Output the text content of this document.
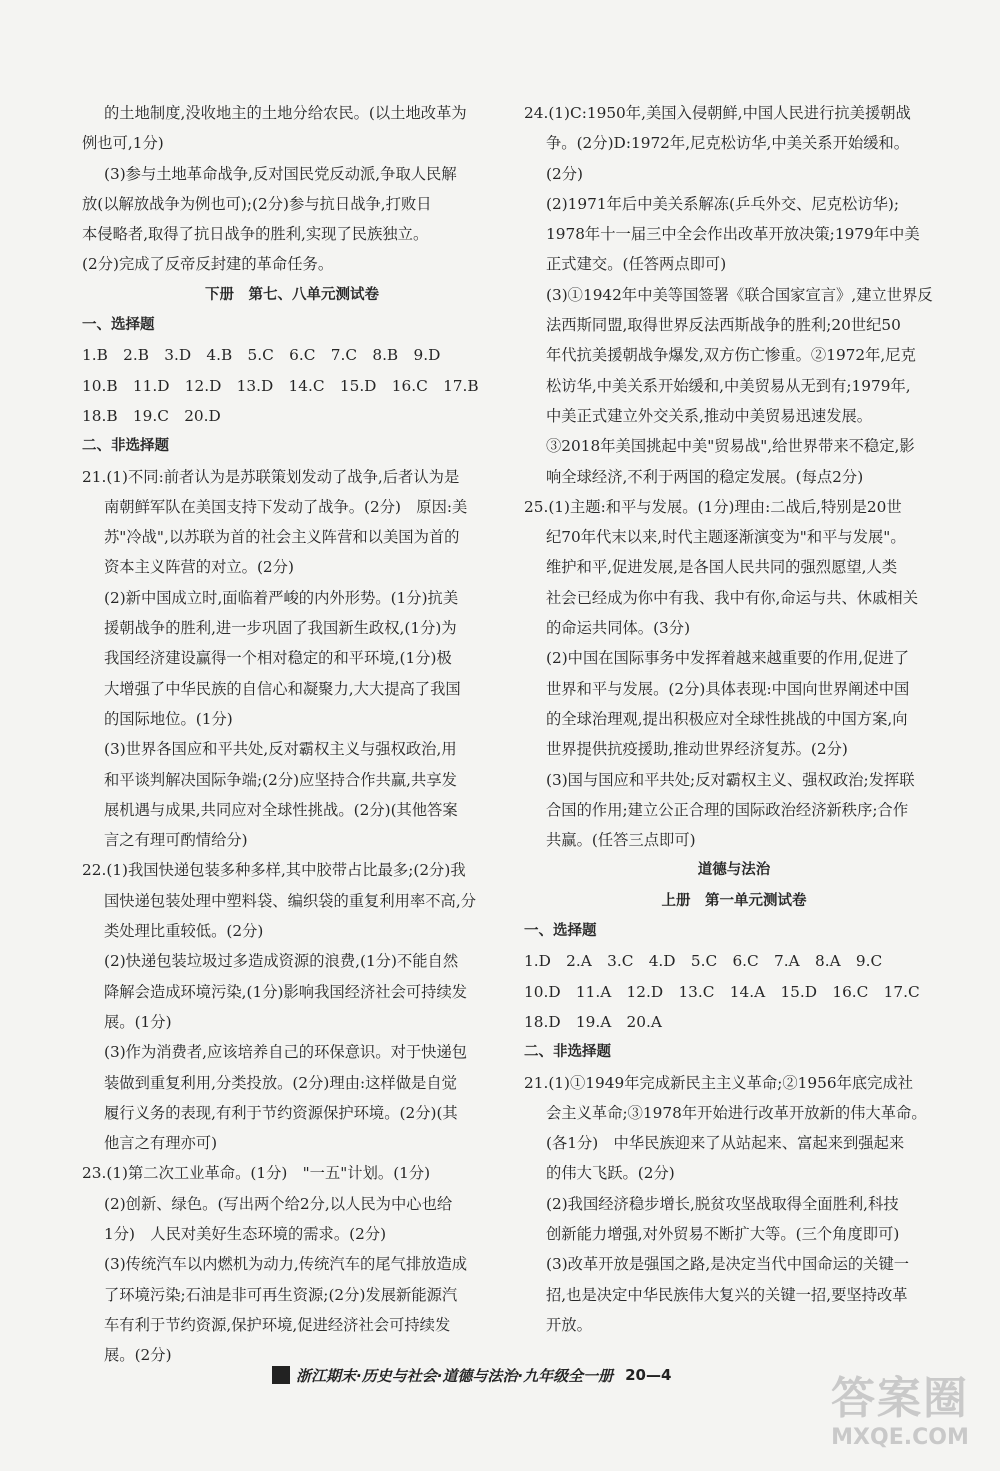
的土地制度,没收地主的土地分给农民。(以土地改革为

例也可,1分)

(3)参与土地革命战争,反对国民党反动派,争取人民解

放(以解放战争为例也可);(2分)参与抗日战争,打败日

本侵略者,取得了抗日战争的胜利,实现了民族独立。

(2分)完成了反帝反封建的革命任务。

下册　第七、八单元测试卷

一、选择题

1.B　2.B　3.D　4.B　5.C　6.C　7.C　8.B　9.D

10.B　11.D　12.D　13.D　14.C　15.D　16.C　17.B

18.B　19.C　20.D

二、非选择题

21.(1)不同:前者认为是苏联策划发动了战争,后者认为是

南朝鲜军队在美国支持下发动了战争。(2分)　原因:美

苏"冷战",以苏联为首的社会主义阵营和以美国为首的

资本主义阵营的对立。(2分)

(2)新中国成立时,面临着严峻的内外形势。(1分)抗美

援朝战争的胜利,进一步巩固了我国新生政权,(1分)为

我国经济建设赢得一个相对稳定的和平环境,(1分)极

大增强了中华民族的自信心和凝聚力,大大提高了我国

的国际地位。(1分)

(3)世界各国应和平共处,反对霸权主义与强权政治,用

和平谈判解决国际争端;(2分)应坚持合作共赢,共享发

展机遇与成果,共同应对全球性挑战。(2分)(其他答案

言之有理可酌情给分)

22.(1)我国快递包装多种多样,其中胶带占比最多;(2分)我

国快递包装处理中塑料袋、编织袋的重复利用率不高,分

类处理比重较低。(2分)

(2)快递包装垃圾过多造成资源的浪费,(1分)不能自然

降解会造成环境污染,(1分)影响我国经济社会可持续发

展。(1分)

(3)作为消费者,应该培养自己的环保意识。对于快递包

装做到重复利用,分类投放。(2分)理由:这样做是自觉

履行义务的表现,有利于节约资源保护环境。(2分)(其

他言之有理亦可)

23.(1)第二次工业革命。(1分)　"一五"计划。(1分)

(2)创新、绿色。(写出两个给2分,以人民为中心也给

1分)　人民对美好生态环境的需求。(2分)

(3)传统汽车以内燃机为动力,传统汽车的尾气排放造成

了环境污染;石油是非可再生资源;(2分)发展新能源汽

车有利于节约资源,保护环境,促进经济社会可持续发

展。(2分)

24.(1)C:1950年,美国入侵朝鲜,中国人民进行抗美援朝战

争。(2分)D:1972年,尼克松访华,中美关系开始缓和。

(2分)

(2)1971年后中美关系解冻(乒乓外交、尼克松访华);

1978年十一届三中全会作出改革开放决策;1979年中美

正式建交。(任答两点即可)

(3)①1942年中美等国签署《联合国家宣言》,建立世界反

法西斯同盟,取得世界反法西斯战争的胜利;20世纪50

年代抗美援朝战争爆发,双方伤亡惨重。②1972年,尼克

松访华,中美关系开始缓和,中美贸易从无到有;1979年,

中美正式建立外交关系,推动中美贸易迅速发展。

③2018年美国挑起中美"贸易战",给世界带来不稳定,影

响全球经济,不利于两国的稳定发展。(每点2分)

25.(1)主题:和平与发展。(1分)理由:二战后,特别是20世

纪70年代末以来,时代主题逐渐演变为"和平与发展"。

维护和平,促进发展,是各国人民共同的强烈愿望,人类

社会已经成为你中有我、我中有你,命运与共、休戚相关

的命运共同体。(3分)

(2)中国在国际事务中发挥着越来越重要的作用,促进了

世界和平与发展。(2分)具体表现:中国向世界阐述中国

的全球治理观,提出积极应对全球性挑战的中国方案,向

世界提供抗疫援助,推动世界经济复苏。(2分)

(3)国与国应和平共处;反对霸权主义、强权政治;发挥联

合国的作用;建立公正合理的国际政治经济新秩序;合作

共赢。(任答三点即可)

道德与法治

上册　第一单元测试卷

一、选择题

1.D　2.A　3.C　4.D　5.C　6.C　7.A　8.A　9.C

10.D　11.A　12.D　13.C　14.A　15.D　16.C　17.C

18.D　19.A　20.A

二、非选择题

21.(1)①1949年完成新民主主义革命;②1956年底完成社

会主义革命;③1978年开始进行改革开放新的伟大革命。

(各1分)　中华民族迎来了从站起来、富起来到强起来

的伟大飞跃。(2分)

(2)我国经济稳步增长,脱贫攻坚战取得全面胜利,科技

创新能力增强,对外贸易不断扩大等。(三个角度即可)

(3)改革开放是强国之路,是决定当代中国命运的关键一

招,也是决定中华民族伟大复兴的关键一招,要坚持改革

开放。

浙江期末·历史与社会·道德与法治·九年级全一册 20—4	答案圈
MXQE.COM
